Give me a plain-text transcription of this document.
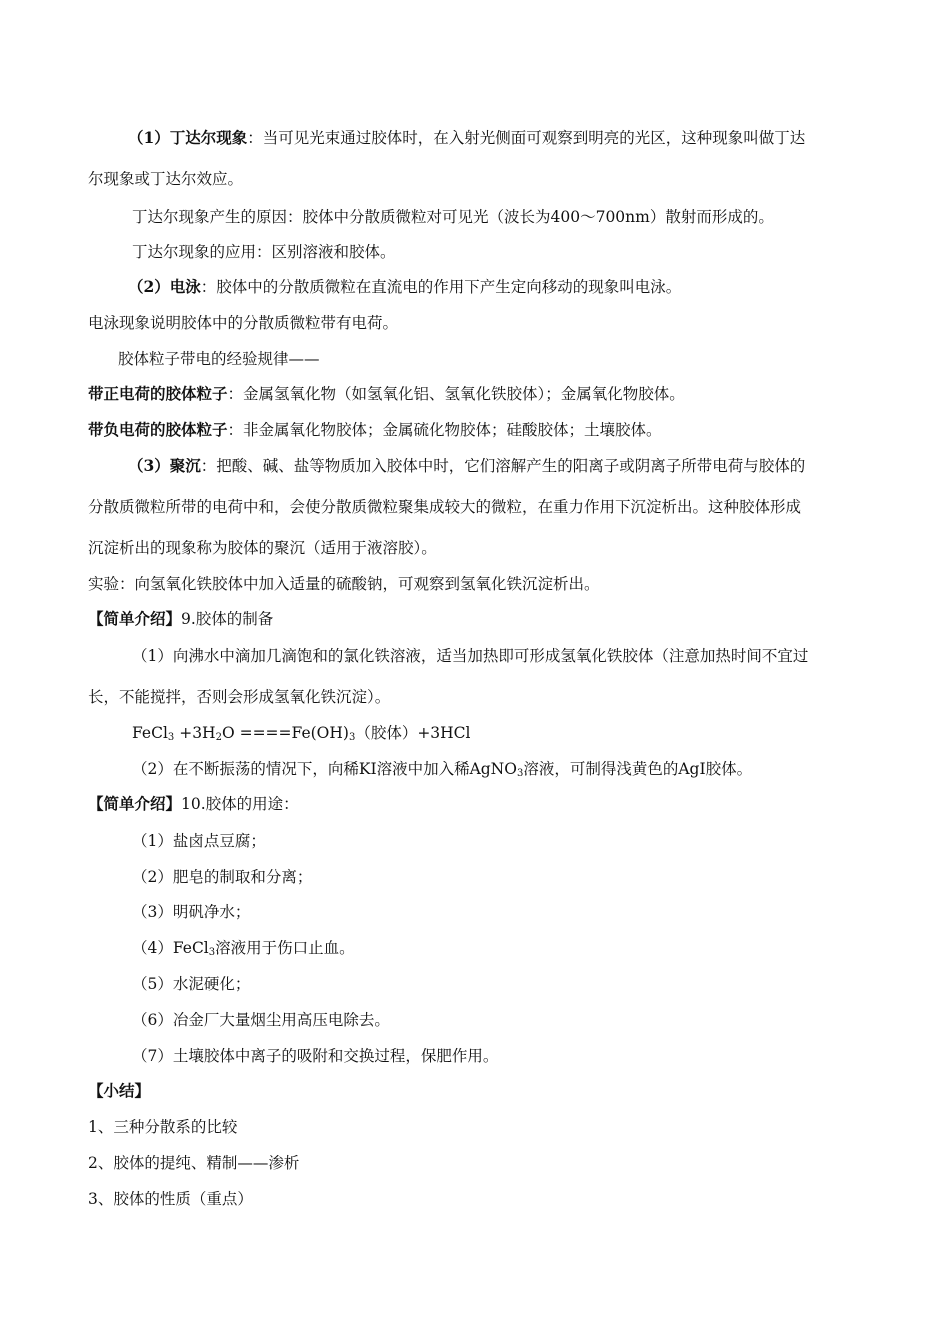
（1）丁达尔现象：当可见光束通过胶体时，在入射光侧面可观察到明亮的光区，这种现象叫做丁达
尔现象或丁达尔效应。
丁达尔现象产生的原因：胶体中分散质微粒对可见光（波长为400～700nm）散射而形成的。
丁达尔现象的应用：区别溶液和胶体。
（2）电泳：胶体中的分散质微粒在直流电的作用下产生定向移动的现象叫电泳。
电泳现象说明胶体中的分散质微粒带有电荷。
胶体粒子带电的经验规律——
带正电荷的胶体粒子：金属氢氧化物（如氢氧化铝、氢氧化铁胶体）；金属氧化物胶体。
带负电荷的胶体粒子：非金属氧化物胶体；金属硫化物胶体；硅酸胶体；土壤胶体。
（3）聚沉：把酸、碱、盐等物质加入胶体中时，它们溶解产生的阳离子或阴离子所带电荷与胶体的
分散质微粒所带的电荷中和，会使分散质微粒聚集成较大的微粒，在重力作用下沉淀析出。这种胶体形成
沉淀析出的现象称为胶体的聚沉（适用于液溶胶）。
实验：向氢氧化铁胶体中加入适量的硫酸钠，可观察到氢氧化铁沉淀析出。
【简单介绍】9.胶体的制备
（1）向沸水中滴加几滴饱和的氯化铁溶液，适当加热即可形成氢氧化铁胶体（注意加热时间不宜过
长，不能搅拌，否则会形成氢氧化铁沉淀）。
FeCl$_3$ $+3H_2O ====Fe(OH)_3$（胶体）+3HCl
（2）在不断振荡的情况下，向稀KI溶液中加入稀AgNO$_3$溶液，可制得浅黄色的AgI胶体。
【简单介绍】10.胶体的用途：
（1）盐卤点豆腐；
（2）肥皂的制取和分离；
（3）明矾净水；
（4）FeCl$_3$溶液用于伤口止血。
（5）水泥硬化；
（6）冶金厂大量烟尘用高压电除去。
（7）土壤胶体中离子的吸附和交换过程，保肥作用。
【小结】
1、三种分散系的比较
2、胶体的提纯、精制——渗析
3、胶体的性质（重点）
